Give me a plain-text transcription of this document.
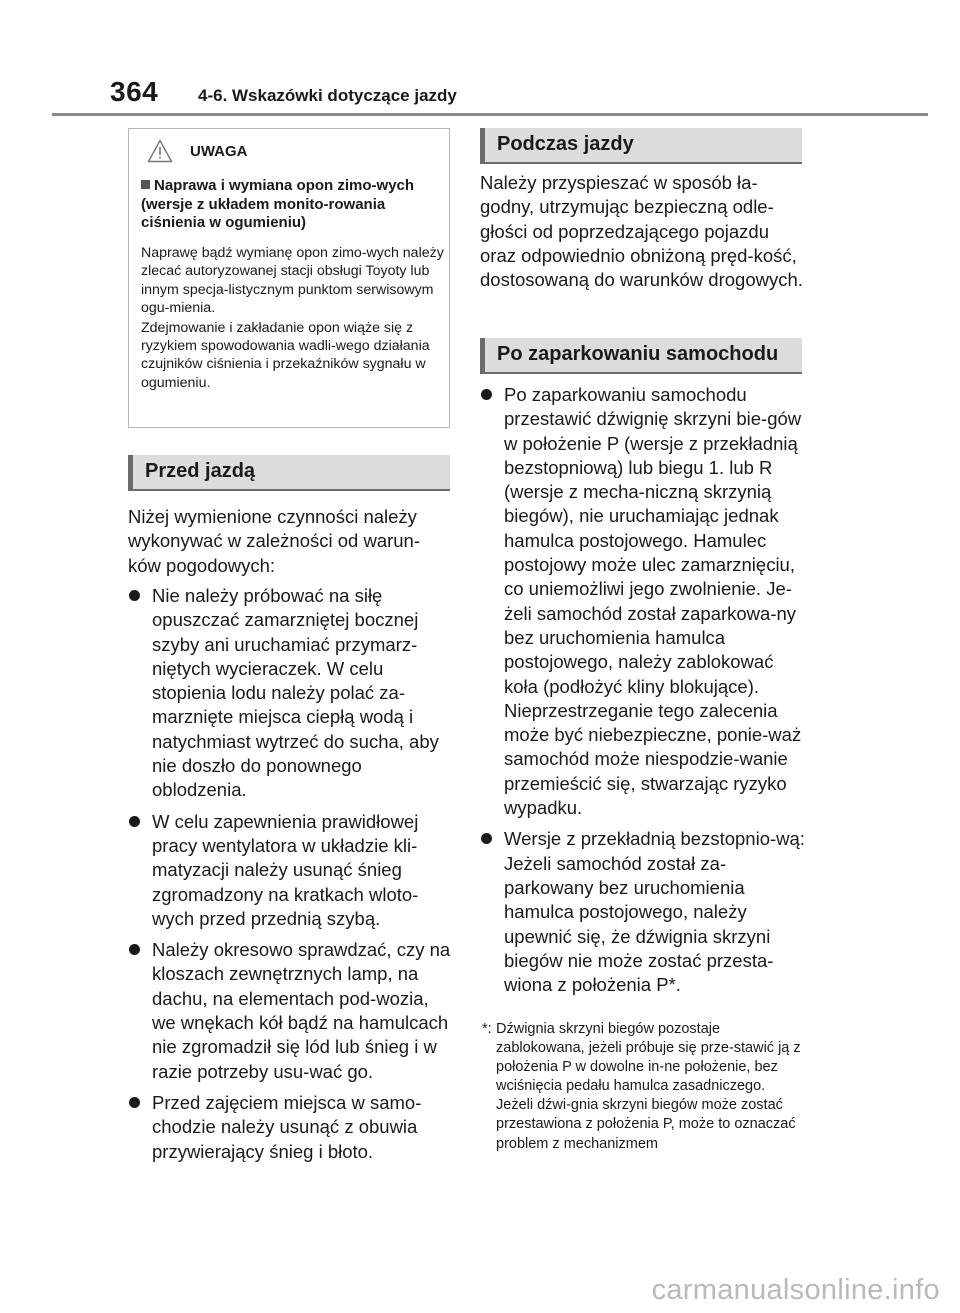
364 4-6. Wskazówki dotyczące jazdy
UWAGA
Naprawa i wymiana opon zimo-wych (wersje z układem monito-rowania ciśnienia w ogumieniu)

Naprawę bądź wymianę opon zimo-wych należy zlecać autoryzowanej stacji obsługi Toyoty lub innym specja-listycznym punktom serwisowym ogu-mienia.

Zdejmowanie i zakładanie opon wiąże się z ryzykiem spowodowania wadli-wego działania czujników ciśnienia i przekaźników sygnału w ogumieniu.

Przed jazdą

Niżej wymienione czynności należy wykonywać w zależności od warun-ków pogodowych:

Nie należy próbować na siłę opuszczać zamarzniętej bocznej szyby ani uruchamiać przymarz-niętych wycieraczek. W celu stopienia lodu należy polać za-marznięte miejsca ciepłą wodą i natychmiast wytrzeć do sucha, aby nie doszło do ponownego oblodzenia.
W celu zapewnienia prawidłowej pracy wentylatora w układzie kli-matyzacji należy usunąć śnieg zgromadzony na kratkach wloto-wych przed przednią szybą.
Należy okresowo sprawdzać, czy na kloszach zewnętrznych lamp, na dachu, na elementach pod-wozia, we wnękach kół bądź na hamulcach nie zgromadził się lód lub śnieg i w razie potrzeby usu-wać go.
Przed zajęciem miejsca w samo-chodzie należy usunąć z obuwia przywierający śnieg i błoto.
Podczas jazdy

Należy przyspieszać w sposób ła-godny, utrzymując bezpieczną odle-głości od poprzedzającego pojazdu oraz odpowiednio obniżoną pręd-kość, dostosowaną do warunków drogowych.

Po zaparkowaniu samochodu
Po zaparkowaniu samochodu przestawić dźwignię skrzyni bie-gów w położenie P (wersje z przekładnią bezstopniową) lub biegu 1. lub R (wersje z mecha-niczną skrzynią biegów), nie uruchamiając jednak hamulca postojowego. Hamulec postojowy może ulec zamarznięciu, co uniemożliwi jego zwolnienie. Je-żeli samochód został zaparkowa-ny bez uruchomienia hamulca postojowego, należy zablokować koła (podłożyć kliny blokujące). Nieprzestrzeganie tego zalecenia może być niebezpieczne, ponie-waż samochód może niespodzie-wanie przemieścić się, stwarzając ryzyko wypadku.
Wersje z przekładnią bezstopnio-wą: Jeżeli samochód został za-parkowany bez uruchomienia hamulca postojowego, należy upewnić się, że dźwignia skrzyni biegów nie może zostać przesta-wiona z położenia P*.
*: Dźwignia skrzyni biegów pozostaje zablokowana, jeżeli próbuje się prze-stawić ją z położenia P w dowolne in-ne położenie, bez wciśnięcia pedału hamulca zasadniczego. Jeżeli dźwi-gnia skrzyni biegów może zostać przestawiona z położenia P, może to oznaczać problem z mechanizmem
carmanualsonline.info
